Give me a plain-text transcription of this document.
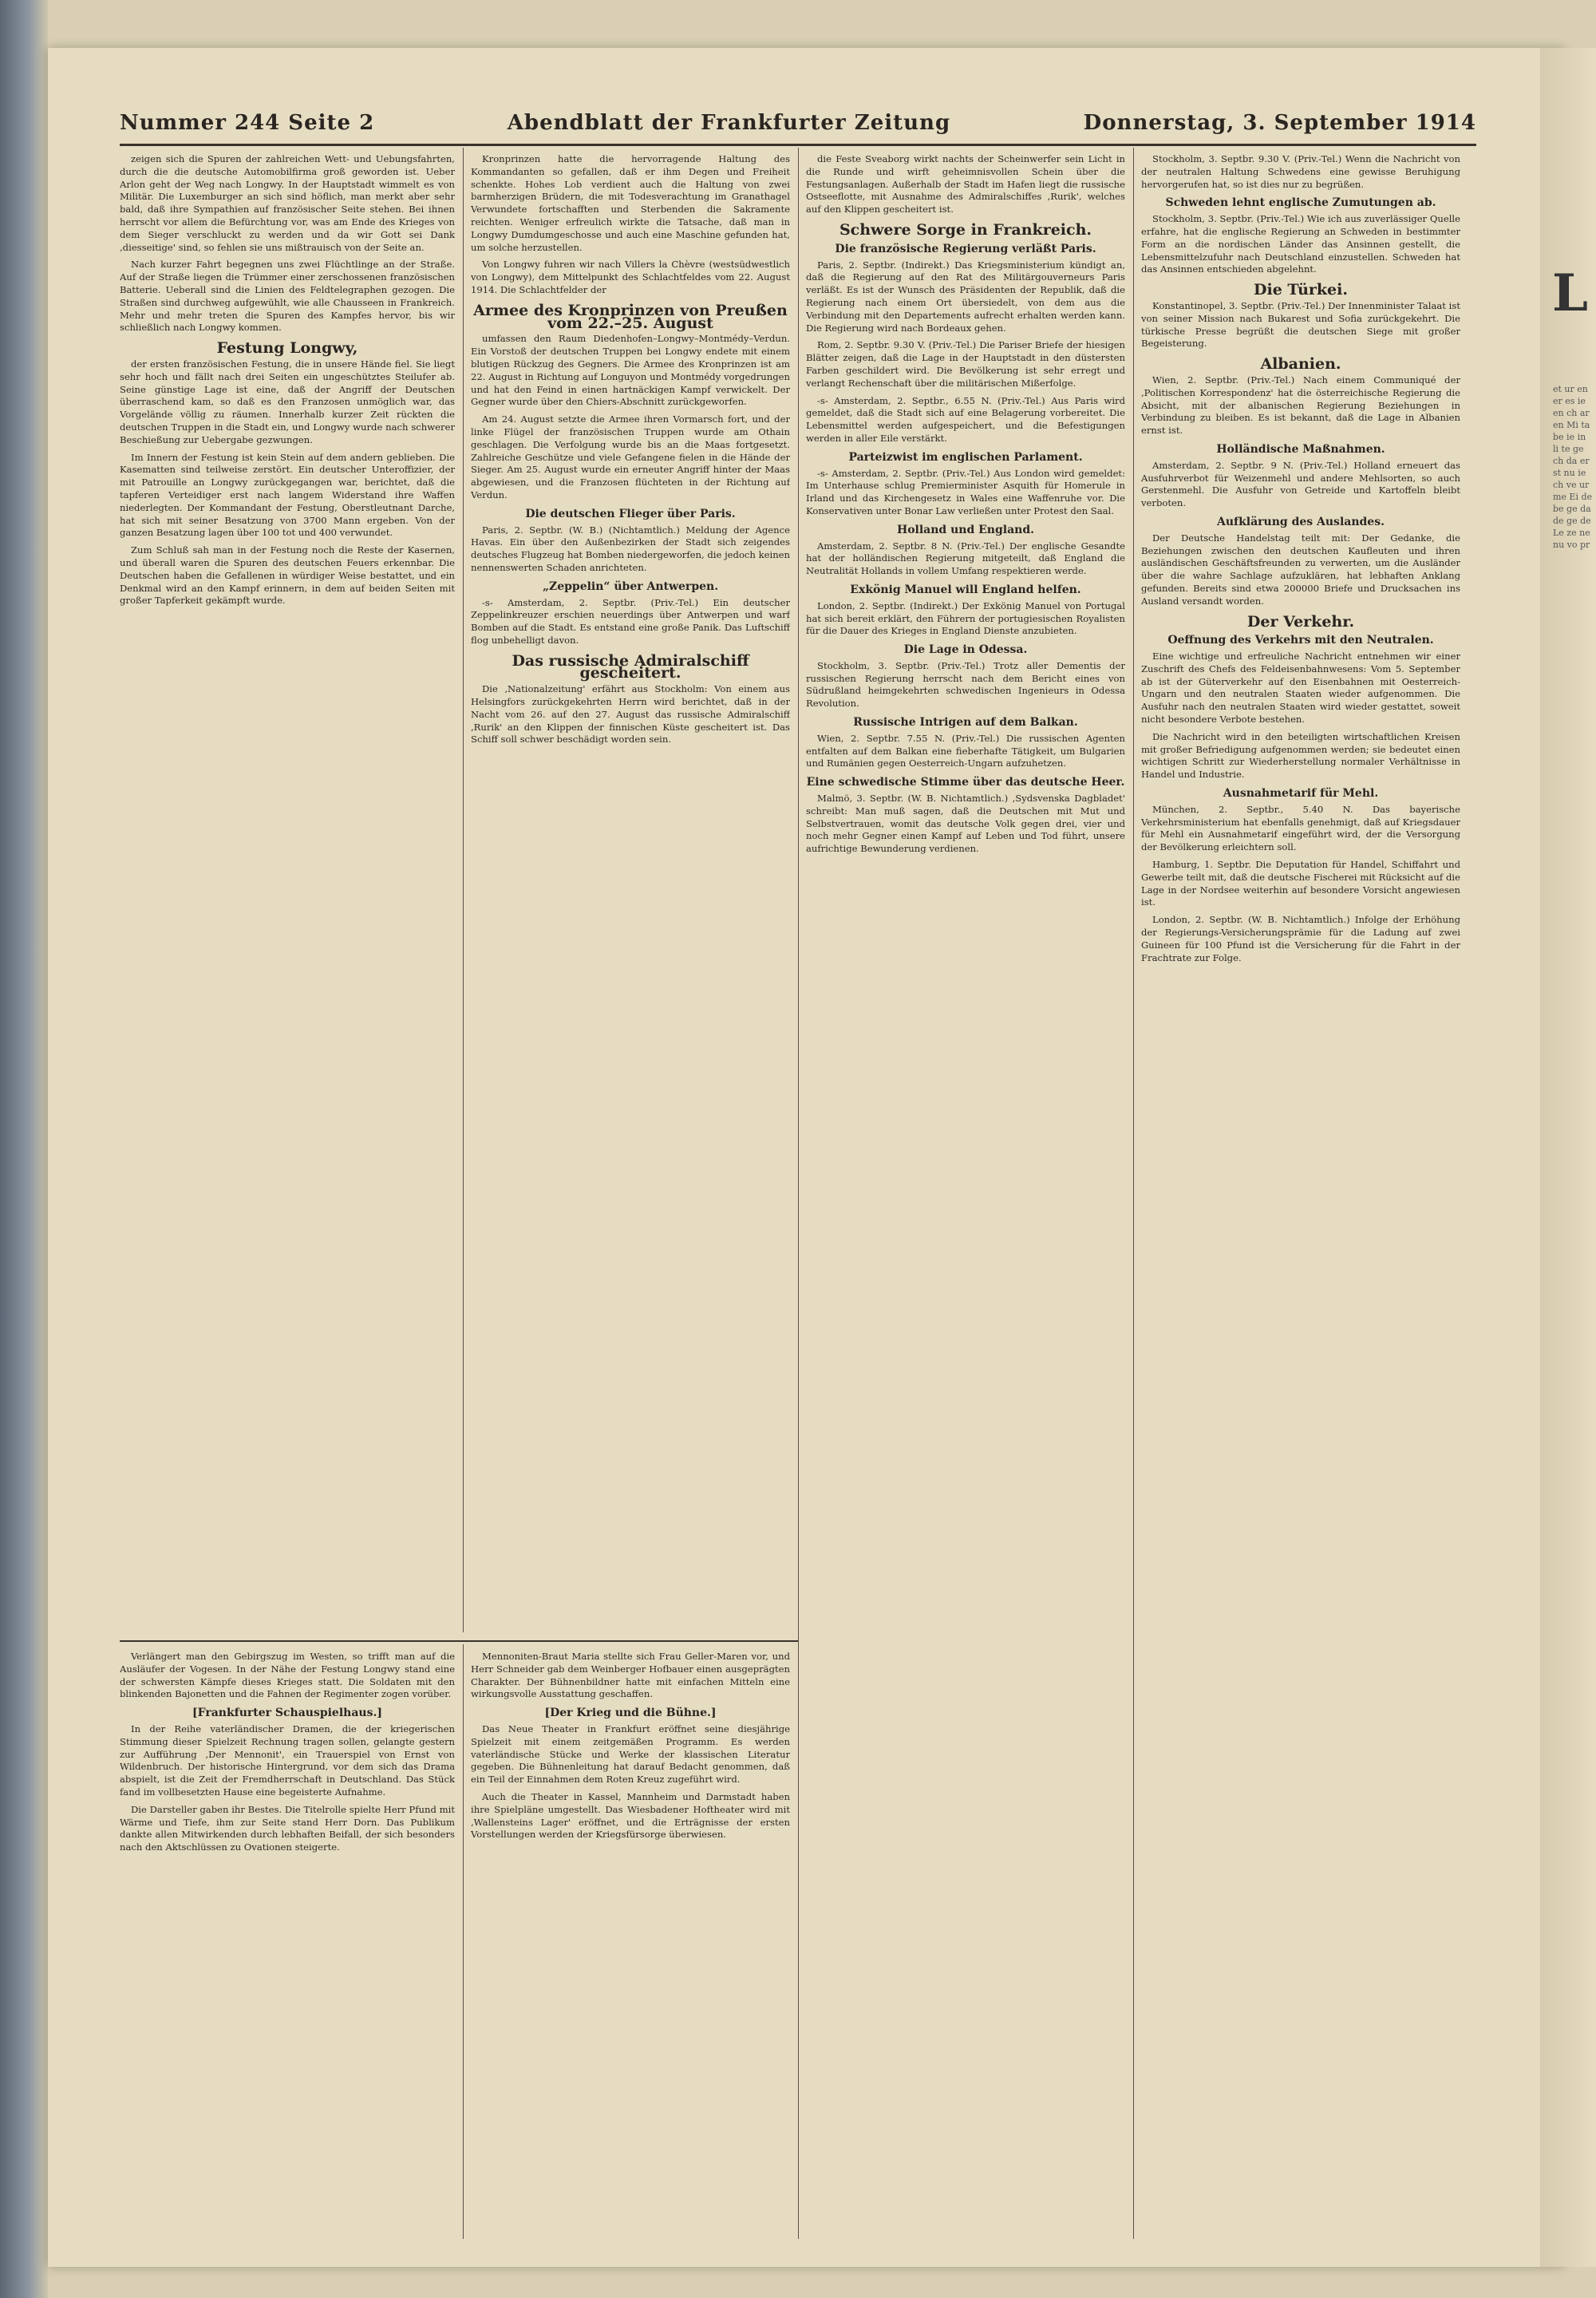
L
et ur en er es ie en ch ar en Mi ta be ie in li te ge ch da er st nu ie ch ve ur me Ei de be ge da de ge de Le ze ne nu vo pr
Nummer 244 Seite 2	Abendblatt der Frankfurter Zeitung	Donnerstag, 3. September 1914

zeigen sich die Spuren der zahlreichen Wett- und Uebungsfahrten, durch die die deutsche Automobilfirma groß geworden ist. Ueber Arlon geht der Weg nach Longwy. In der Hauptstadt wimmelt es von Militär. Die Luxemburger an sich sind höflich, man merkt aber sehr bald, daß ihre Sympathien auf französischer Seite stehen. Bei ihnen herrscht vor allem die Befürchtung vor, was am Ende des Krieges von dem Sieger verschluckt zu werden und da wir Gott sei Dank ‚diesseitige' sind, so fehlen sie uns mißtrauisch von der Seite an.

Nach kurzer Fahrt begegnen uns zwei Flüchtlinge an der Straße. Auf der Straße liegen die Trümmer einer zerschossenen französischen Batterie. Ueberall sind die Linien des Feldtelegraphen gezogen. Die Straßen sind durchweg aufgewühlt, wie alle Chausseen in Frankreich. Mehr und mehr treten die Spuren des Kampfes hervor, bis wir schließlich nach Longwy kommen.

Festung Longwy,

der ersten französischen Festung, die in unsere Hände fiel. Sie liegt sehr hoch und fällt nach drei Seiten ein ungeschütztes Steilufer ab. Seine günstige Lage ist eine, daß der Angriff der Deutschen überraschend kam, so daß es den Franzosen unmöglich war, das Vorgelände völlig zu räumen. Innerhalb kurzer Zeit rückten die deutschen Truppen in die Stadt ein, und Longwy wurde nach schwerer Beschießung zur Uebergabe gezwungen.

Im Innern der Festung ist kein Stein auf dem andern geblieben. Die Kasematten sind teilweise zerstört. Ein deutscher Unteroffizier, der mit Patrouille an Longwy zurückgegangen war, berichtet, daß die tapferen Verteidiger erst nach langem Widerstand ihre Waffen niederlegten. Der Kommandant der Festung, Oberstleutnant Darche, hat sich mit seiner Besatzung von 3700 Mann ergeben. Von der ganzen Besatzung lagen über 100 tot und 400 verwundet.

Zum Schluß sah man in der Festung noch die Reste der Kasernen, und überall waren die Spuren des deutschen Feuers erkennbar. Die Deutschen haben die Gefallenen in würdiger Weise bestattet, und ein Denkmal wird an den Kampf erinnern, in dem auf beiden Seiten mit großer Tapferkeit gekämpft wurde.

Kronprinzen hatte die hervorragende Haltung des Kommandanten so gefallen, daß er ihm Degen und Freiheit schenkte. Hohes Lob verdient auch die Haltung von zwei barmherzigen Brüdern, die mit Todesverachtung im Granathagel Verwundete fortschafften und Sterbenden die Sakramente reichten. Weniger erfreulich wirkte die Tatsache, daß man in Longwy Dumdumgeschosse und auch eine Maschine gefunden hat, um solche herzustellen.

Von Longwy fuhren wir nach Villers la Chèvre (westsüdwestlich von Longwy), dem Mittelpunkt des Schlachtfeldes vom 22. August 1914. Die Schlachtfelder der

Armee des Kronprinzen von Preußen vom 22.–25. August

umfassen den Raum Diedenhofen–Longwy–Montmédy–Verdun. Ein Vorstoß der deutschen Truppen bei Longwy endete mit einem blutigen Rückzug des Gegners. Die Armee des Kronprinzen ist am 22. August in Richtung auf Longuyon und Montmédy vorgedrungen und hat den Feind in einen hartnäckigen Kampf verwickelt. Der Gegner wurde über den Chiers-Abschnitt zurückgeworfen.

Am 24. August setzte die Armee ihren Vormarsch fort, und der linke Flügel der französischen Truppen wurde am Othain geschlagen. Die Verfolgung wurde bis an die Maas fortgesetzt. Zahlreiche Geschütze und viele Gefangene fielen in die Hände der Sieger. Am 25. August wurde ein erneuter Angriff hinter der Maas abgewiesen, und die Franzosen flüchteten in der Richtung auf Verdun.

Die deutschen Flieger über Paris.

Paris, 2. Septbr. (W. B.) (Nichtamtlich.) Meldung der Agence Havas. Ein über den Außenbezirken der Stadt sich zeigendes deutsches Flugzeug hat Bomben niedergeworfen, die jedoch keinen nennenswerten Schaden anrichteten.

„Zeppelin“ über Antwerpen.

-s- Amsterdam, 2. Septbr. (Priv.-Tel.) Ein deutscher Zeppelinkreuzer erschien neuerdings über Antwerpen und warf Bomben auf die Stadt. Es entstand eine große Panik. Das Luftschiff flog unbehelligt davon.

Das russische Admiralschiff gescheitert.

Die ‚Nationalzeitung' erfährt aus Stockholm: Von einem aus Helsingfors zurückgekehrten Herrn wird berichtet, daß in der Nacht vom 26. auf den 27. August das russische Admiralschiff ‚Rurik' an den Klippen der finnischen Küste gescheitert ist. Das Schiff soll schwer beschädigt worden sein.

die Feste Sveaborg wirkt nachts der Scheinwerfer sein Licht in die Runde und wirft geheimnisvollen Schein über die Festungsanlagen. Außerhalb der Stadt im Hafen liegt die russische Ostseeflotte, mit Ausnahme des Admiralschiffes ‚Rurik', welches auf den Klippen gescheitert ist.

Schwere Sorge in Frankreich.
Die französische Regierung verläßt Paris.

Paris, 2. Septbr. (Indirekt.) Das Kriegsministerium kündigt an, daß die Regierung auf den Rat des Militärgouverneurs Paris verläßt. Es ist der Wunsch des Präsidenten der Republik, daß die Regierung nach einem Ort übersiedelt, von dem aus die Verbindung mit den Departements aufrecht erhalten werden kann. Die Regierung wird nach Bordeaux gehen.

Rom, 2. Septbr. 9.30 V. (Priv.-Tel.) Die Pariser Briefe der hiesigen Blätter zeigen, daß die Lage in der Hauptstadt in den düstersten Farben geschildert wird. Die Bevölkerung ist sehr erregt und verlangt Rechenschaft über die militärischen Mißerfolge.

-s- Amsterdam, 2. Septbr., 6.55 N. (Priv.-Tel.) Aus Paris wird gemeldet, daß die Stadt sich auf eine Belagerung vorbereitet. Die Lebensmittel werden aufgespeichert, und die Befestigungen werden in aller Eile verstärkt.

Parteizwist im englischen Parlament.

-s- Amsterdam, 2. Septbr. (Priv.-Tel.) Aus London wird gemeldet: Im Unterhause schlug Premierminister Asquith für Homerule in Irland und das Kirchengesetz in Wales eine Waffenruhe vor. Die Konservativen unter Bonar Law verließen unter Protest den Saal.

Holland und England.

Amsterdam, 2. Septbr. 8 N. (Priv.-Tel.) Der englische Gesandte hat der holländischen Regierung mitgeteilt, daß England die Neutralität Hollands in vollem Umfang respektieren werde.

Exkönig Manuel will England helfen.

London, 2. Septbr. (Indirekt.) Der Exkönig Manuel von Portugal hat sich bereit erklärt, den Führern der portugiesischen Royalisten für die Dauer des Krieges in England Dienste anzubieten.

Die Lage in Odessa.

Stockholm, 3. Septbr. (Priv.-Tel.) Trotz aller Dementis der russischen Regierung herrscht nach dem Bericht eines von Südrußland heimgekehrten schwedischen Ingenieurs in Odessa Revolution.

Russische Intrigen auf dem Balkan.

Wien, 2. Septbr. 7.55 N. (Priv.-Tel.) Die russischen Agenten entfalten auf dem Balkan eine fieberhafte Tätigkeit, um Bulgarien und Rumänien gegen Oesterreich-Ungarn aufzuhetzen.

Eine schwedische Stimme über das deutsche Heer.

Malmö, 3. Septbr. (W. B. Nichtamtlich.) ‚Sydsvenska Dagbladet' schreibt: Man muß sagen, daß die Deutschen mit Mut und Selbstvertrauen, womit das deutsche Volk gegen drei, vier und noch mehr Gegner einen Kampf auf Leben und Tod führt, unsere aufrichtige Bewunderung verdienen.

Stockholm, 3. Septbr. 9.30 V. (Priv.-Tel.) Wenn die Nachricht von der neutralen Haltung Schwedens eine gewisse Beruhigung hervorgerufen hat, so ist dies nur zu begrüßen.

Schweden lehnt englische Zumutungen ab.

Stockholm, 3. Septbr. (Priv.-Tel.) Wie ich aus zuverlässiger Quelle erfahre, hat die englische Regierung an Schweden in bestimmter Form an die nordischen Länder das Ansinnen gestellt, die Lebensmittelzufuhr nach Deutschland einzustellen. Schweden hat das Ansinnen entschieden abgelehnt.

Die Türkei.

Konstantinopel, 3. Septbr. (Priv.-Tel.) Der Innenminister Talaat ist von seiner Mission nach Bukarest und Sofia zurückgekehrt. Die türkische Presse begrüßt die deutschen Siege mit großer Begeisterung.

Albanien.

Wien, 2. Septbr. (Priv.-Tel.) Nach einem Communiqué der ‚Politischen Korrespondenz' hat die österreichische Regierung die Absicht, mit der albanischen Regierung Beziehungen in Verbindung zu bleiben. Es ist bekannt, daß die Lage in Albanien ernst ist.

Holländische Maßnahmen.

Amsterdam, 2. Septbr. 9 N. (Priv.-Tel.) Holland erneuert das Ausfuhrverbot für Weizenmehl und andere Mehlsorten, so auch Gerstenmehl. Die Ausfuhr von Getreide und Kartoffeln bleibt verboten.

Aufklärung des Auslandes.

Der Deutsche Handelstag teilt mit: Der Gedanke, die Beziehungen zwischen den deutschen Kaufleuten und ihren ausländischen Geschäftsfreunden zu verwerten, um die Ausländer über die wahre Sachlage aufzuklären, hat lebhaften Anklang gefunden. Bereits sind etwa 200000 Briefe und Drucksachen ins Ausland versandt worden.

Der Verkehr.
Oeffnung des Verkehrs mit den Neutralen.

Eine wichtige und erfreuliche Nachricht entnehmen wir einer Zuschrift des Chefs des Feldeisenbahnwesens: Vom 5. September ab ist der Güterverkehr auf den Eisenbahnen mit Oesterreich-Ungarn und den neutralen Staaten wieder aufgenommen. Die Ausfuhr nach den neutralen Staaten wird wieder gestattet, soweit nicht besondere Verbote bestehen.

Die Nachricht wird in den beteiligten wirtschaftlichen Kreisen mit großer Befriedigung aufgenommen werden; sie bedeutet einen wichtigen Schritt zur Wiederherstellung normaler Verhältnisse in Handel und Industrie.

Ausnahmetarif für Mehl.

München, 2. Septbr., 5.40 N. Das bayerische Verkehrsministerium hat ebenfalls genehmigt, daß auf Kriegsdauer für Mehl ein Ausnahmetarif eingeführt wird, der die Versorgung der Bevölkerung erleichtern soll.

Hamburg, 1. Septbr. Die Deputation für Handel, Schiffahrt und Gewerbe teilt mit, daß die deutsche Fischerei mit Rücksicht auf die Lage in der Nordsee weiterhin auf besondere Vorsicht angewiesen ist.

London, 2. Septbr. (W. B. Nichtamtlich.) Infolge der Erhöhung der Regierungs-Versicherungsprämie für die Ladung auf zwei Guineen für 100 Pfund ist die Versicherung für die Fahrt in der Frachtrate zur Folge.

Verlängert man den Gebirgszug im Westen, so trifft man auf die Ausläufer der Vogesen. In der Nähe der Festung Longwy stand eine der schwersten Kämpfe dieses Krieges statt. Die Soldaten mit den blinkenden Bajonetten und die Fahnen der Regimenter zogen vorüber.

[Frankfurter Schauspielhaus.]

In der Reihe vaterländischer Dramen, die der kriegerischen Stimmung dieser Spielzeit Rechnung tragen sollen, gelangte gestern zur Aufführung ‚Der Mennonit', ein Trauerspiel von Ernst von Wildenbruch. Der historische Hintergrund, vor dem sich das Drama abspielt, ist die Zeit der Fremdherrschaft in Deutschland. Das Stück fand im vollbesetzten Hause eine begeisterte Aufnahme.

Die Darsteller gaben ihr Bestes. Die Titelrolle spielte Herr Pfund mit Wärme und Tiefe, ihm zur Seite stand Herr Dorn. Das Publikum dankte allen Mitwirkenden durch lebhaften Beifall, der sich besonders nach den Aktschlüssen zu Ovationen steigerte.

Mennoniten-Braut Maria stellte sich Frau Geller-Maren vor, und Herr Schneider gab dem Weinberger Hofbauer einen ausgeprägten Charakter. Der Bühnenbildner hatte mit einfachen Mitteln eine wirkungsvolle Ausstattung geschaffen.

[Der Krieg und die Bühne.]

Das Neue Theater in Frankfurt eröffnet seine diesjährige Spielzeit mit einem zeitgemäßen Programm. Es werden vaterländische Stücke und Werke der klassischen Literatur gegeben. Die Bühnenleitung hat darauf Bedacht genommen, daß ein Teil der Einnahmen dem Roten Kreuz zugeführt wird.

Auch die Theater in Kassel, Mannheim und Darmstadt haben ihre Spielpläne umgestellt. Das Wiesbadener Hoftheater wird mit ‚Wallensteins Lager' eröffnet, und die Erträgnisse der ersten Vorstellungen werden der Kriegsfürsorge überwiesen.
